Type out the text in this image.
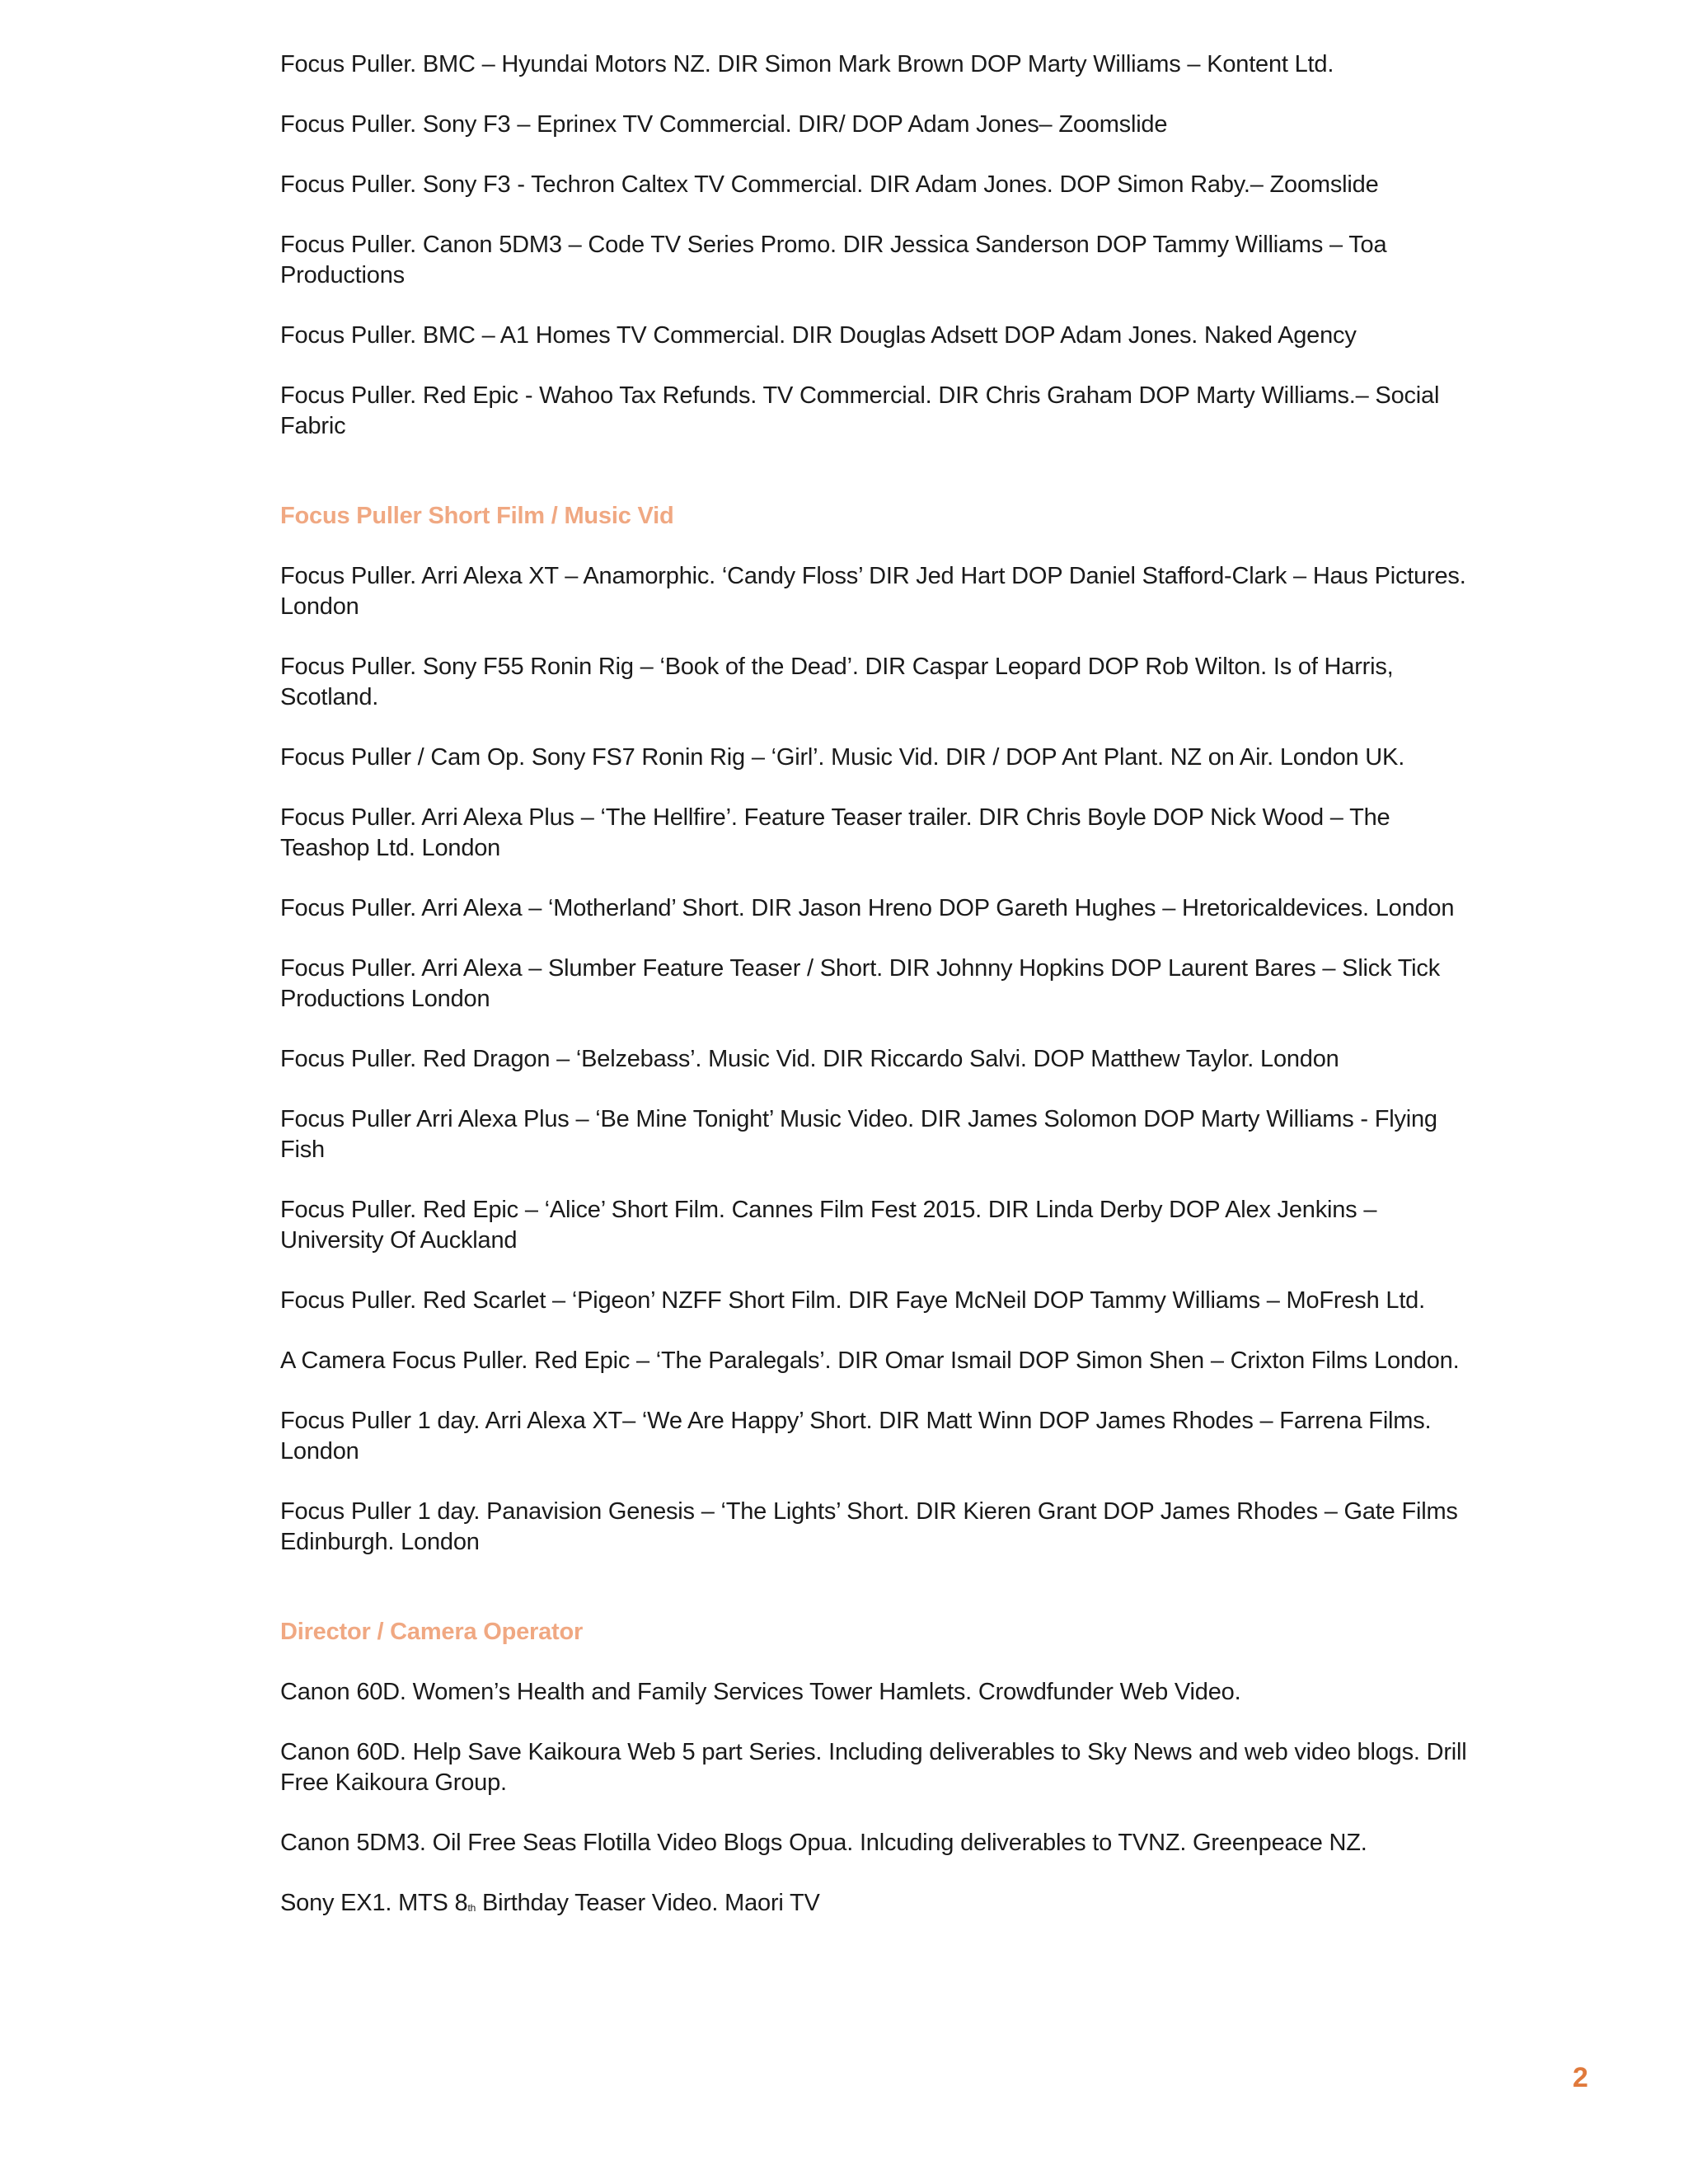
Focus Puller. BMC – Hyundai Motors NZ. DIR Simon Mark Brown DOP Marty Williams – Kontent Ltd.

Focus Puller. Sony F3 – Eprinex TV Commercial. DIR/ DOP Adam Jones– Zoomslide

Focus Puller. Sony F3 - Techron Caltex TV Commercial. DIR Adam Jones. DOP Simon Raby.– Zoomslide

Focus Puller. Canon 5DM3 – Code TV Series Promo. DIR Jessica Sanderson DOP Tammy Williams – Toa Productions

Focus Puller. BMC – A1 Homes TV Commercial. DIR Douglas Adsett DOP Adam Jones. Naked Agency

Focus Puller. Red Epic - Wahoo Tax Refunds. TV Commercial. DIR Chris Graham DOP Marty Williams.– Social Fabric

Focus Puller Short Film / Music Vid

Focus Puller. Arri Alexa XT – Anamorphic. ‘Candy Floss’ DIR Jed Hart DOP Daniel Stafford-Clark – Haus Pictures. London

Focus Puller. Sony F55 Ronin Rig – ‘Book of the Dead’. DIR Caspar Leopard DOP Rob Wilton. Is of Harris, Scotland.

Focus Puller / Cam Op. Sony FS7 Ronin Rig – ‘Girl’. Music Vid. DIR / DOP Ant Plant. NZ on Air. London UK.

Focus Puller. Arri Alexa Plus – ‘The Hellfire’. Feature Teaser trailer. DIR Chris Boyle DOP Nick Wood – The Teashop Ltd. London

Focus Puller. Arri Alexa – ‘Motherland’ Short. DIR Jason Hreno DOP Gareth Hughes – Hretoricaldevices. London

Focus Puller. Arri Alexa – Slumber Feature Teaser / Short. DIR Johnny Hopkins DOP Laurent Bares – Slick Tick Productions London

Focus Puller. Red Dragon – ‘Belzebass’. Music Vid. DIR Riccardo Salvi. DOP Matthew Taylor. London

Focus Puller Arri Alexa Plus – ‘Be Mine Tonight’ Music Video. DIR James Solomon DOP Marty Williams - Flying Fish

Focus Puller. Red Epic – ‘Alice’ Short Film. Cannes Film Fest 2015. DIR Linda Derby DOP Alex Jenkins – University Of Auckland

Focus Puller. Red Scarlet – ‘Pigeon’ NZFF Short Film. DIR Faye McNeil DOP Tammy Williams – MoFresh Ltd.

A Camera Focus Puller. Red Epic – ‘The Paralegals’. DIR Omar Ismail DOP Simon Shen – Crixton Films London.

Focus Puller 1 day. Arri Alexa XT– ‘We Are Happy’ Short. DIR Matt Winn DOP James Rhodes – Farrena Films. London

Focus Puller 1 day. Panavision Genesis – ‘The Lights’ Short. DIR Kieren Grant DOP James Rhodes – Gate Films Edinburgh. London

Director / Camera Operator

Canon 60D. Women’s Health and Family Services Tower Hamlets. Crowdfunder Web Video.

Canon 60D. Help Save Kaikoura Web 5 part Series. Including deliverables to Sky News and web video blogs. Drill Free Kaikoura Group.

Canon 5DM3. Oil Free Seas Flotilla Video Blogs Opua. Inlcuding deliverables to TVNZ. Greenpeace NZ.

Sony EX1. MTS 8th Birthday Teaser Video. Maori TV

2
